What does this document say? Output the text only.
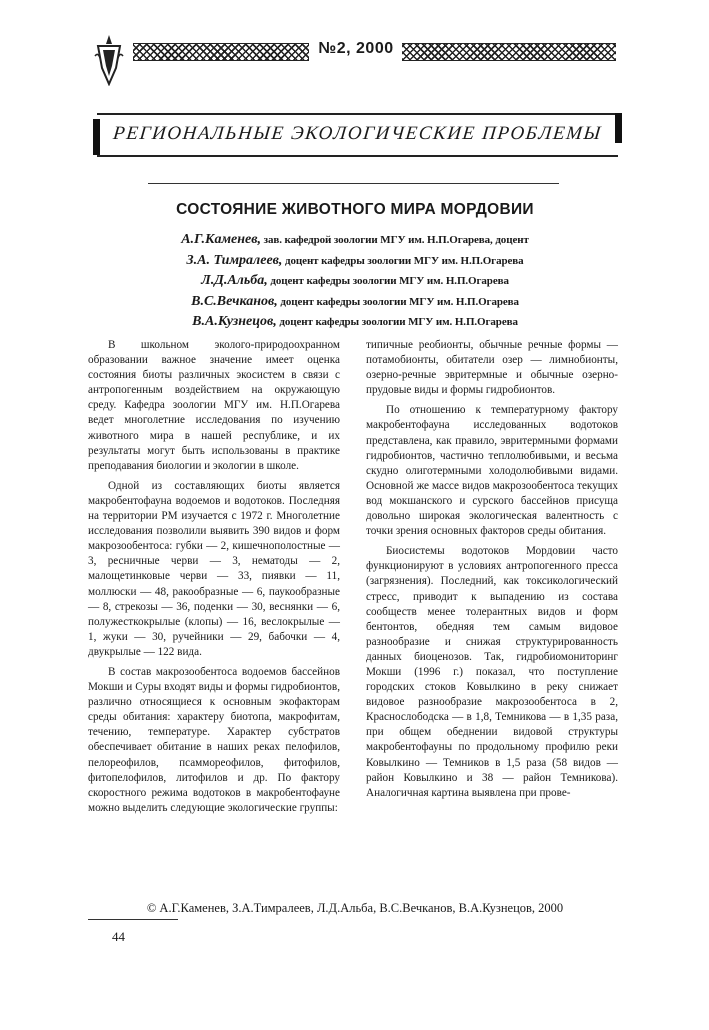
№2, 2000
РЕГИОНАЛЬНЫЕ ЭКОЛОГИЧЕСКИЕ ПРОБЛЕМЫ
СОСТОЯНИЕ ЖИВОТНОГО МИРА МОРДОВИИ
А.Г.Каменев, зав. кафедрой зоологии МГУ им. Н.П.Огарева, доцент
З.А. Тимралеев, доцент кафедры зоологии МГУ им. Н.П.Огарева
Л.Д.Альба, доцент кафедры зоологии МГУ им. Н.П.Огарева
В.С.Вечканов, доцент кафедры зоологии МГУ им. Н.П.Огарева
В.А.Кузнецов, доцент кафедры зоологии МГУ им. Н.П.Огарева

В школьном эколого-природоохранном образовании важное значение имеет оценка состояния биоты различных экосистем в связи с антропогенным воздействием на окружающую среду. Кафедра зоологии МГУ им. Н.П.Огарева ведет многолетние исследования по изучению животного мира в нашей республике, и их результаты могут быть использованы в практике преподавания биологии и экологии в школе.

Одной из составляющих биоты является макробентофауна водоемов и водотоков. Последняя на территории РМ изучается с 1972 г. Многолетние исследования позволили выявить 390 видов и форм макрозообентоса: губки — 2, кишечнополостные — 3, ресничные черви — 3, нематоды — 2, малощетинковые черви — 33, пиявки — 11, моллюски — 48, ракообразные — 6, паукообразные — 8, стрекозы — 36, поденки — 30, веснянки — 6, полужесткокрылые (клопы) — 16, веслокрылые — 1, жуки — 30, ручейники — 29, бабочки — 4, двукрылые — 122 вида.

В состав макрозообентоса водоемов бассейнов Мокши и Суры входят виды и формы гидробионтов, различно относящиеся к основным экофакторам среды обитания: характеру биотопа, макрофитам, течению, температуре. Характер субстратов обеспечивает обитание в наших реках пелофилов, пелореофилов, псаммореофилов, фитофилов, фитопелофилов, литофилов и др. По фактору скоростного режима водотоков в макробентофауне можно выделить следующие экологические группы:

типичные реобионты, обычные речные формы — потамобионты, обитатели озер — лимнобионты, озерно-речные эвритермные и обычные озерно-прудовые виды и формы гидробионтов.

По отношению к температурному фактору макробентофауна исследованных водотоков представлена, как правило, эвритермными формами гидробионтов, частично теплолюбивыми, и весьма скудно олиготермными холодолюбивыми видами. Основной же массе видов макрозообентоса текущих вод мокшанского и сурского бассейнов присуща довольно широкая экологическая валентность с точки зрения основных факторов среды обитания.

Биосистемы водотоков Мордовии часто функционируют в условиях антропогенного пресса (загрязнения). Последний, как токсикологический стресс, приводит к выпадению из состава сообществ менее толерантных видов и форм бентонтов, обедняя тем самым видовое разнообразие и снижая структурированность данных биоценозов. Так, гидробиомониторинг Мокши (1996 г.) показал, что поступление городских стоков Ковылкино в реку снижает видовое разнообразие макрозообентоса в 2, Краснослободска — в 1,8, Темникова — в 1,35 раза, при общем обеднении видовой структуры макробентофауны по продольному профилю реки Ковылкино — Темников в 1,5 раза (58 видов — район Ковылкино и 38 — район Темникова). Аналогичная картина выявлена при прове-

© А.Г.Каменев, З.А.Тимралеев, Л.Д.Альба, В.С.Вечканов, В.А.Кузнецов, 2000
44
